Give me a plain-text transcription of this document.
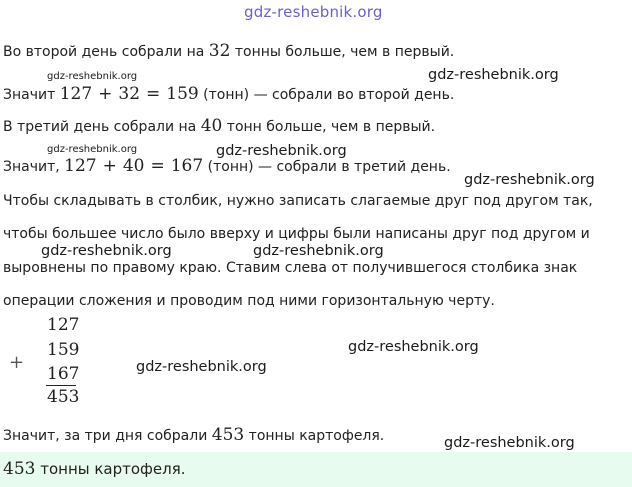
gdz-reshebnik.org
Во второй день собрали на 32 тонны больше, чем в первый.
gdz-reshebnik.org	gdz-reshebnik.org
Значит 127 + 32 = 159 (тонн) — собрали во второй день.
В третий день собрали на 40 тонн больше, чем в первый.
gdz-reshebnik.org	gdz-reshebnik.org
Значит, 127 + 40 = 167 (тонн) — собрали в третий день.
gdz-reshebnik.org
Чтобы складывать в столбик, нужно записать слагаемые друг под другом так,
чтобы большее число было вверху и цифры были написаны друг под другом и
gdz-reshebnik.org	gdz-reshebnik.org
выровнены по правому краю. Ставим слева от получившегося столбика знак
операции сложения и проводим под ними горизонтальную черту.
127
159
+
167
453
gdz-reshebnik.org
gdz-reshebnik.org
Значит, за три дня собрали 453 тонны картофеля.	gdz-reshebnik.org
453 тонны картофеля.
